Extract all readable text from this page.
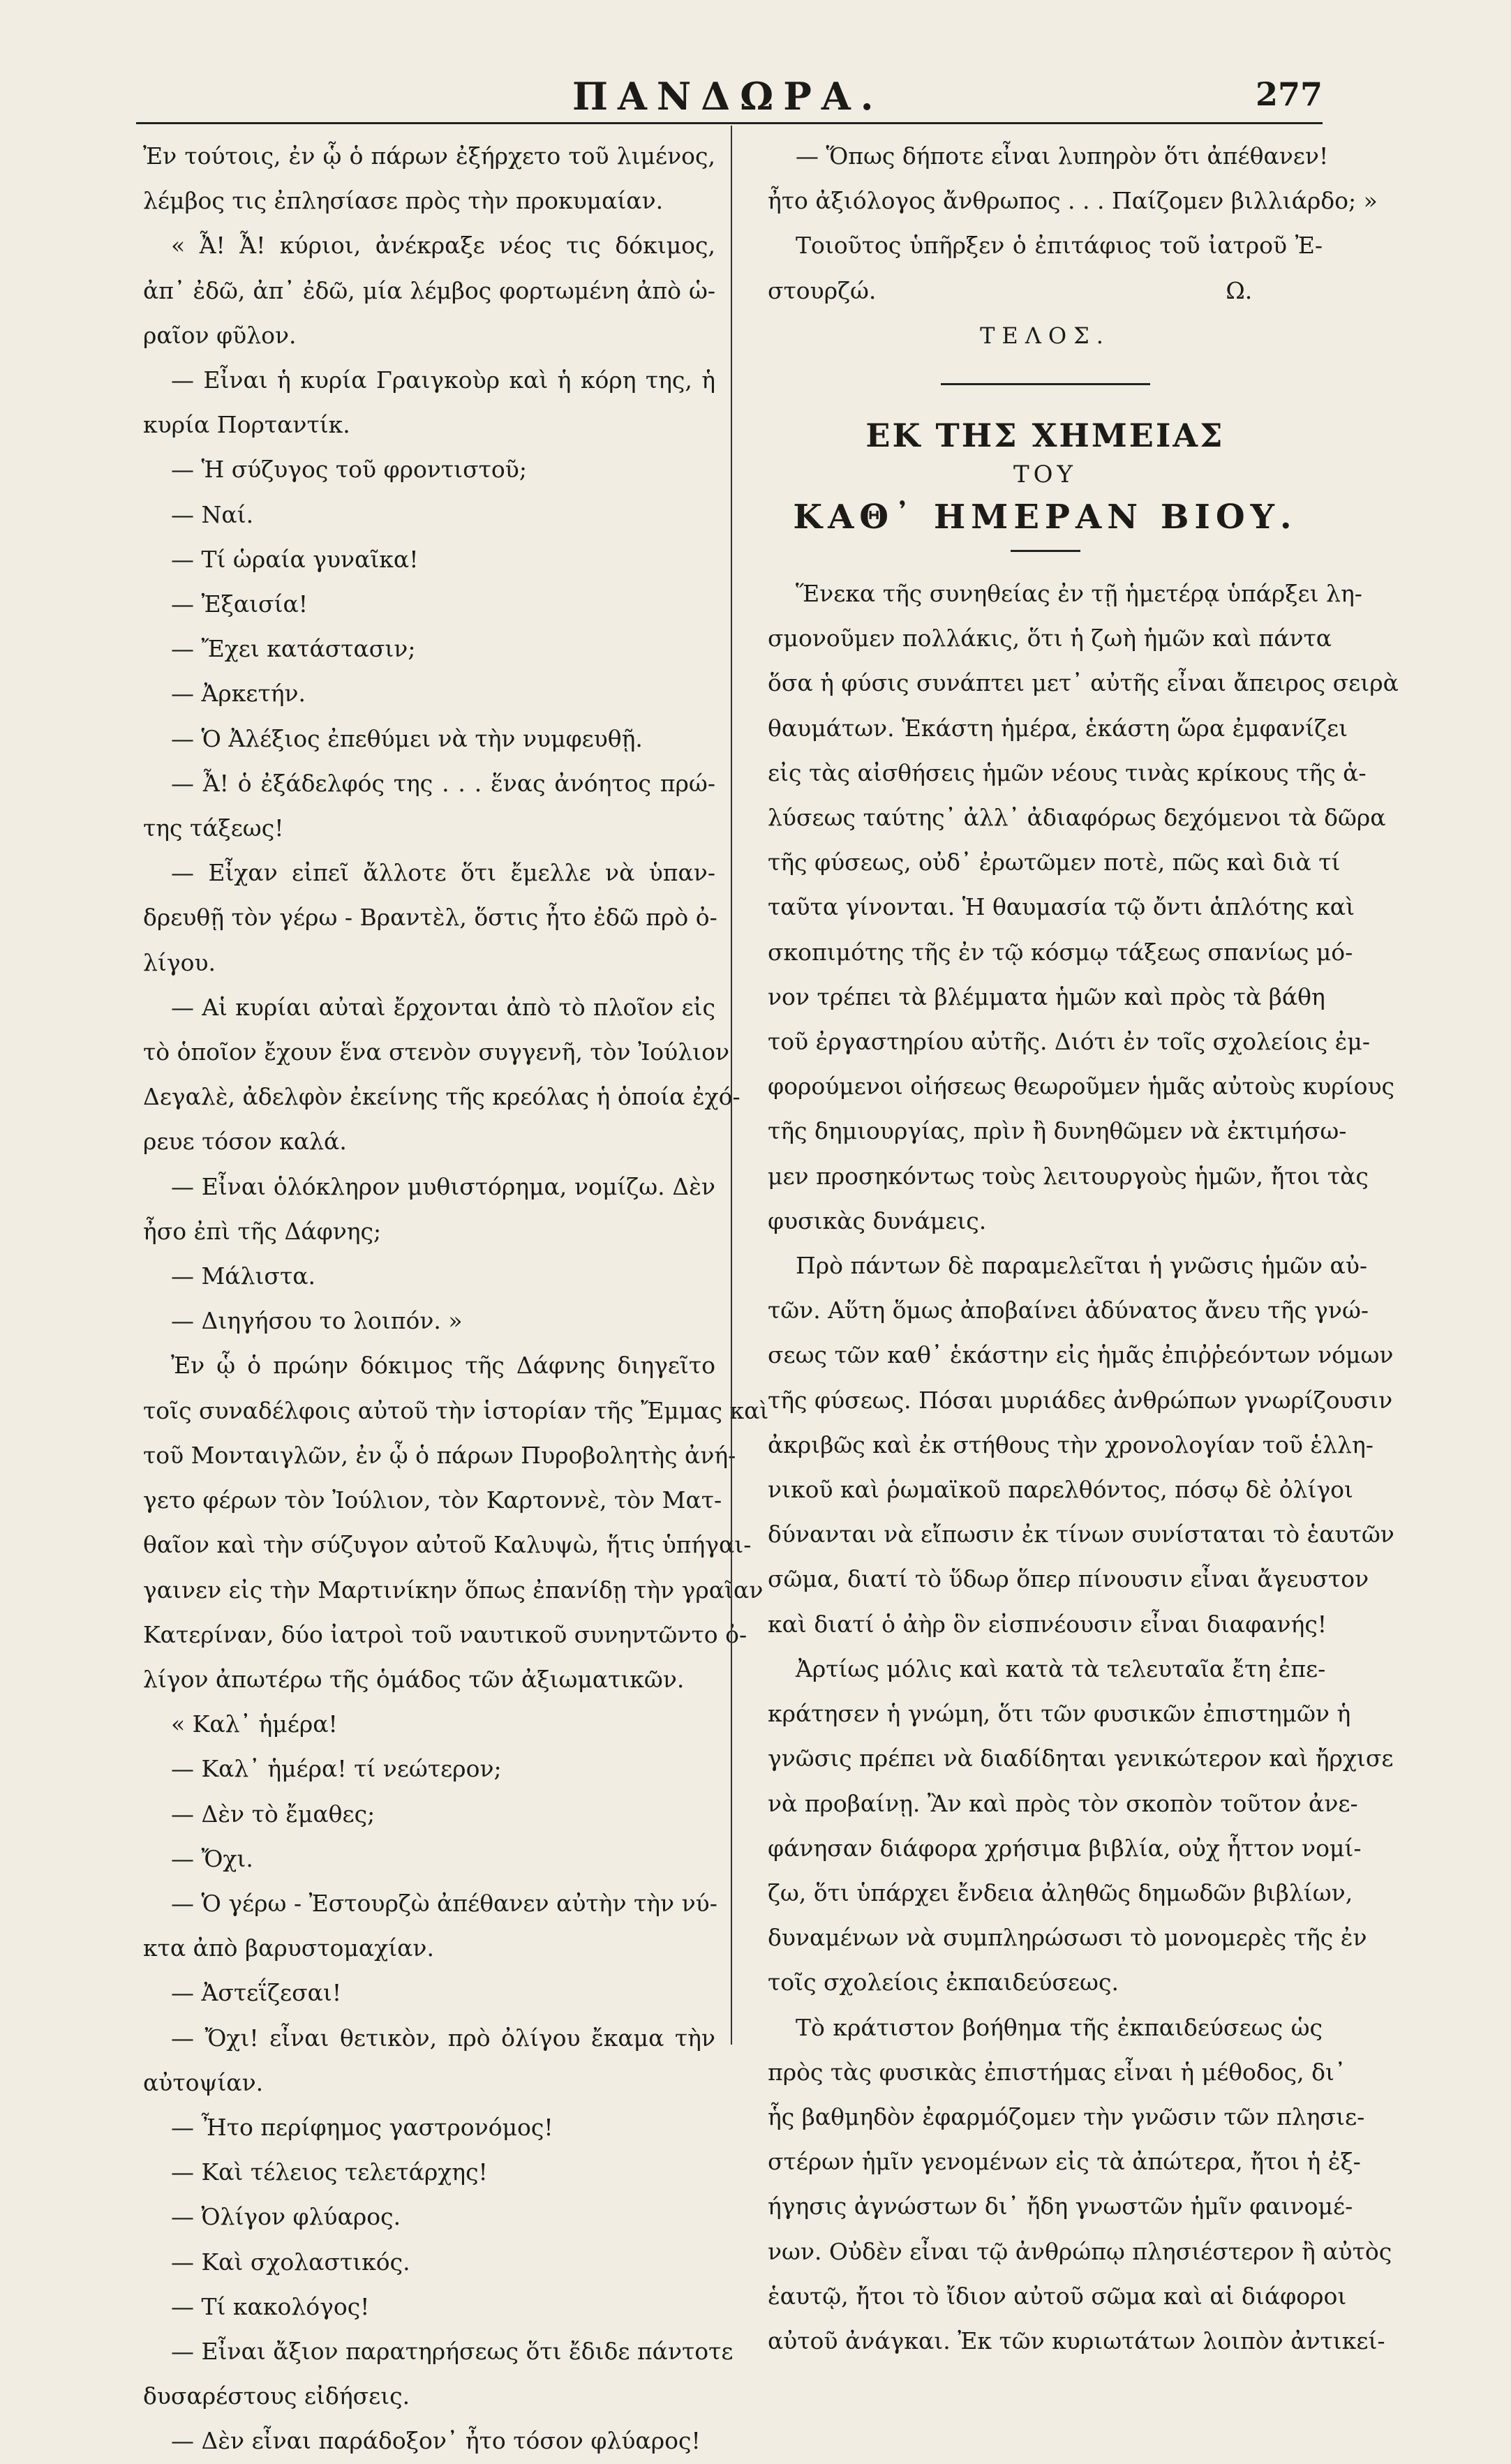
ΠΑΝΔΩΡΑ.	277
Ἐν τούτοις, ἐν ᾧ ὁ πάρων ἐξήρχετο τοῦ λιμένος,
λέμβος τις ἐπλησίασε πρὸς τὴν προκυμαίαν.
« Ἆ! Ἆ! κύριοι, ἀνέκραξε νέος τις δόκιμος,
ἀπ᾽ ἐδῶ, ἀπ᾽ ἐδῶ, μία λέμβος φορτωμένη ἀπὸ ὡ-
ραῖον φῦλον.
— Εἶναι ἡ κυρία Γραιγκοὺρ καὶ ἡ κόρη της, ἡ
κυρία Πορταντίκ.
— Ἡ σύζυγος τοῦ φροντιστοῦ;
— Ναί.
— Τί ὡραία γυναῖκα!
— Ἐξαισία!
— Ἔχει κατάστασιν;
— Ἀρκετήν.
— Ὁ Ἀλέξιος ἐπεθύμει νὰ τὴν νυμφευθῇ.
— Ἆ! ὁ ἐξάδελφός της . . . ἕνας ἀνόητος πρώ-
της τάξεως!
— Εἶχαν εἰπεῖ ἄλλοτε ὅτι ἔμελλε νὰ ὑπαν-
δρευθῇ τὸν γέρω - Βραντὲλ, ὅστις ἦτο ἐδῶ πρὸ ὀ-
λίγου.
— Αἱ κυρίαι αὐταὶ ἔρχονται ἀπὸ τὸ πλοῖον εἰς
τὸ ὁποῖον ἔχουν ἕνα στενὸν συγγενῆ, τὸν Ἰούλιον
Δεγαλὲ, ἀδελφὸν ἐκείνης τῆς κρεόλας ἡ ὁποία ἐχό-
ρευε τόσον καλά.
— Εἶναι ὁλόκληρον μυθιστόρημα, νομίζω. Δὲν
ἦσο ἐπὶ τῆς Δάφνης;
— Μάλιστα.
— Διηγήσου το λοιπόν. »
Ἐν ᾧ ὁ πρώην δόκιμος τῆς Δάφνης διηγεῖτο
τοῖς συναδέλφοις αὐτοῦ τὴν ἱστορίαν τῆς Ἔμμας καὶ
τοῦ Μονταιγλῶν, ἐν ᾧ ὁ πάρων Πυροβολητὴς ἀνή-
γετο φέρων τὸν Ἰούλιον, τὸν Καρτοννὲ, τὸν Ματ-
θαῖον καὶ τὴν σύζυγον αὐτοῦ Καλυψὼ, ἥτις ὑπήγαι-
γαινεν εἰς τὴν Μαρτινίκην ὅπως ἐπανίδῃ τὴν γραῖαν
Κατερίναν, δύο ἰατροὶ τοῦ ναυτικοῦ συνηντῶντο ὀ-
λίγον ἀπωτέρω τῆς ὁμάδος τῶν ἀξιωματικῶν.
« Καλ᾽ ἡμέρα!
— Καλ᾽ ἡμέρα! τί νεώτερον;
— Δὲν τὸ ἔμαθες;
— Ὄχι.
— Ὁ γέρω - Ἐστουρζὼ ἀπέθανεν αὐτὴν τὴν νύ-
κτα ἀπὸ βαρυστομαχίαν.
— Ἀστεΐζεσαι!
— Ὄχι! εἶναι θετικὸν, πρὸ ὀλίγου ἔκαμα τὴν
αὐτοψίαν.
— Ἦτο περίφημος γαστρονόμος!
— Καὶ τέλειος τελετάρχης!
— Ὀλίγον φλύαρος.
— Καὶ σχολαστικός.
— Τί κακολόγος!
— Εἶναι ἄξιον παρατηρήσεως ὅτι ἔδιδε πάντοτε
δυσαρέστους εἰδήσεις.
— Δὲν εἶναι παράδοξον᾽ ἦτο τόσον φλύαρος!
— Ὅπως δήποτε εἶναι λυπηρὸν ὅτι ἀπέθανεν!
ἦτο ἀξιόλογος ἄνθρωπος . . . Παίζομεν βιλλιάρδο; »
Τοιοῦτος ὑπῆρξεν ὁ ἐπιτάφιος τοῦ ἰατροῦ Ἐ-
στουρζώ.	Ω.
ΤΕΛΟΣ.
ΕΚ ΤΗΣ ΧΗΜΕΙΑΣ
ΤΟΥ
ΚΑΘ᾽ ΗΜΕΡΑΝ ΒΙΟΥ.
Ἕνεκα τῆς συνηθείας ἐν τῇ ἡμετέρᾳ ὑπάρξει λη-
σμονοῦμεν πολλάκις, ὅτι ἡ ζωὴ ἡμῶν καὶ πάντα
ὅσα ἡ φύσις συνάπτει μετ᾽ αὐτῆς εἶναι ἄπειρος σειρὰ
θαυμάτων. Ἑκάστη ἡμέρα, ἑκάστη ὥρα ἐμφανίζει
εἰς τὰς αἰσθήσεις ἡμῶν νέους τινὰς κρίκους τῆς ἁ-
λύσεως ταύτης᾽ ἀλλ᾽ ἀδιαφόρως δεχόμενοι τὰ δῶρα
τῆς φύσεως, οὐδ᾽ ἐρωτῶμεν ποτὲ, πῶς καὶ διὰ τί
ταῦτα γίνονται. Ἡ θαυμασία τῷ ὄντι ἁπλότης καὶ
σκοπιμότης τῆς ἐν τῷ κόσμῳ τάξεως σπανίως μό-
νον τρέπει τὰ βλέμματα ἡμῶν καὶ πρὸς τὰ βάθη
τοῦ ἐργαστηρίου αὐτῆς. Διότι ἐν τοῖς σχολείοις ἐμ-
φορούμενοι οἰήσεως θεωροῦμεν ἡμᾶς αὐτοὺς κυρίους
τῆς δημιουργίας, πρὶν ἢ δυνηθῶμεν νὰ ἐκτιμήσω-
μεν προσηκόντως τοὺς λειτουργοὺς ἡμῶν, ἤτοι τὰς
φυσικὰς δυνάμεις.
Πρὸ πάντων δὲ παραμελεῖται ἡ γνῶσις ἡμῶν αὐ-
τῶν. Αὕτη ὅμως ἀποβαίνει ἀδύνατος ἄνευ τῆς γνώ-
σεως τῶν καθ᾽ ἑκάστην εἰς ἡμᾶς ἐπιῤῥεόντων νόμων
τῆς φύσεως. Πόσαι μυριάδες ἀνθρώπων γνωρίζουσιν
ἀκριβῶς καὶ ἐκ στήθους τὴν χρονολογίαν τοῦ ἑλλη-
νικοῦ καὶ ῥωμαϊκοῦ παρελθόντος, πόσῳ δὲ ὀλίγοι
δύνανται νὰ εἴπωσιν ἐκ τίνων συνίσταται τὸ ἑαυτῶν
σῶμα, διατί τὸ ὕδωρ ὅπερ πίνουσιν εἶναι ἄγευστον
καὶ διατί ὁ ἀὴρ ὃν εἰσπνέουσιν εἶναι διαφανής!
Ἀρτίως μόλις καὶ κατὰ τὰ τελευταῖα ἔτη ἐπε-
κράτησεν ἡ γνώμη, ὅτι τῶν φυσικῶν ἐπιστημῶν ἡ
γνῶσις πρέπει νὰ διαδίδηται γενικώτερον καὶ ἤρχισε
νὰ προβαίνῃ. Ἂν καὶ πρὸς τὸν σκοπὸν τοῦτον ἀνε-
φάνησαν διάφορα χρήσιμα βιβλία, οὐχ ἧττον νομί-
ζω, ὅτι ὑπάρχει ἔνδεια ἀληθῶς δημωδῶν βιβλίων,
δυναμένων νὰ συμπληρώσωσι τὸ μονομερὲς τῆς ἐν
τοῖς σχολείοις ἐκπαιδεύσεως.
Τὸ κράτιστον βοήθημα τῆς ἐκπαιδεύσεως ὡς
πρὸς τὰς φυσικὰς ἐπιστήμας εἶναι ἡ μέθοδος, δι᾽
ἧς βαθμηδὸν ἐφαρμόζομεν τὴν γνῶσιν τῶν πλησιε-
στέρων ἡμῖν γενομένων εἰς τὰ ἀπώτερα, ἤτοι ἡ ἐξ-
ήγησις ἀγνώστων δι᾽ ἤδη γνωστῶν ἡμῖν φαινομέ-
νων. Οὐδὲν εἶναι τῷ ἀνθρώπῳ πλησιέστερον ἢ αὐτὸς
ἑαυτῷ, ἤτοι τὸ ἴδιον αὐτοῦ σῶμα καὶ αἱ διάφοροι
αὐτοῦ ἀνάγκαι. Ἐκ τῶν κυριωτάτων λοιπὸν ἀντικεί-
